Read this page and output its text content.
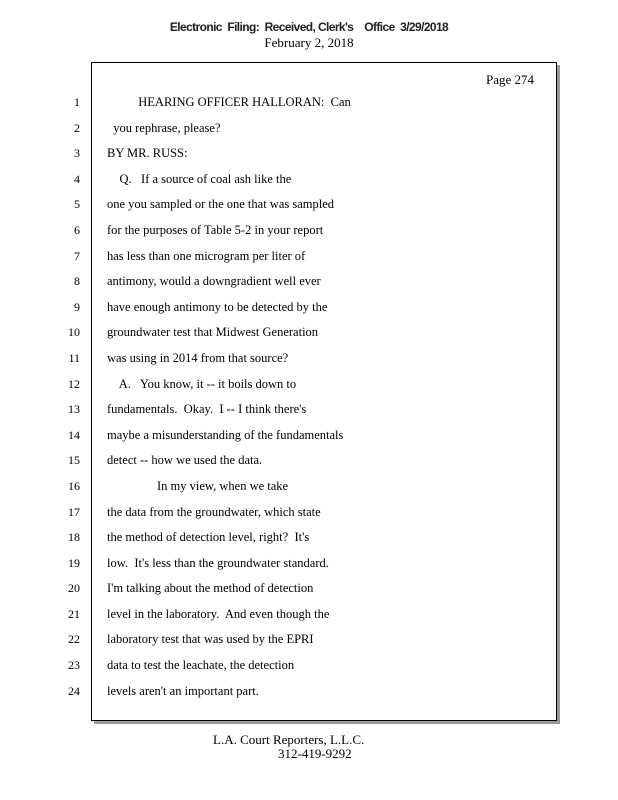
Electronic  Filing:  Received, Clerk's    Office  3/29/2018
February 2, 2018
Page 274
1
2
3
4
5
6
7
8
9
10
11
12
13
14
15
16
17
18
19
20
21
22
23
24
HEARING OFFICER HALLORAN:  Can
you rephrase, please?
BY MR. RUSS:
Q.   If a source of coal ash like the
one you sampled or the one that was sampled
for the purposes of Table 5-2 in your report
has less than one microgram per liter of
antimony, would a downgradient well ever
have enough antimony to be detected by the
groundwater test that Midwest Generation
was using in 2014 from that source?
A.   You know, it -- it boils down to
fundamentals.  Okay.  I -- I think there's
maybe a misunderstanding of the fundamentals
detect -- how we used the data.
In my view, when we take
the data from the groundwater, which state
the method of detection level, right?  It's
low.  It's less than the groundwater standard.
I'm talking about the method of detection
level in the laboratory.  And even though the
laboratory test that was used by the EPRI
data to test the leachate, the detection
levels aren't an important part.
L.A. Court Reporters, L.L.C.
312-419-9292
